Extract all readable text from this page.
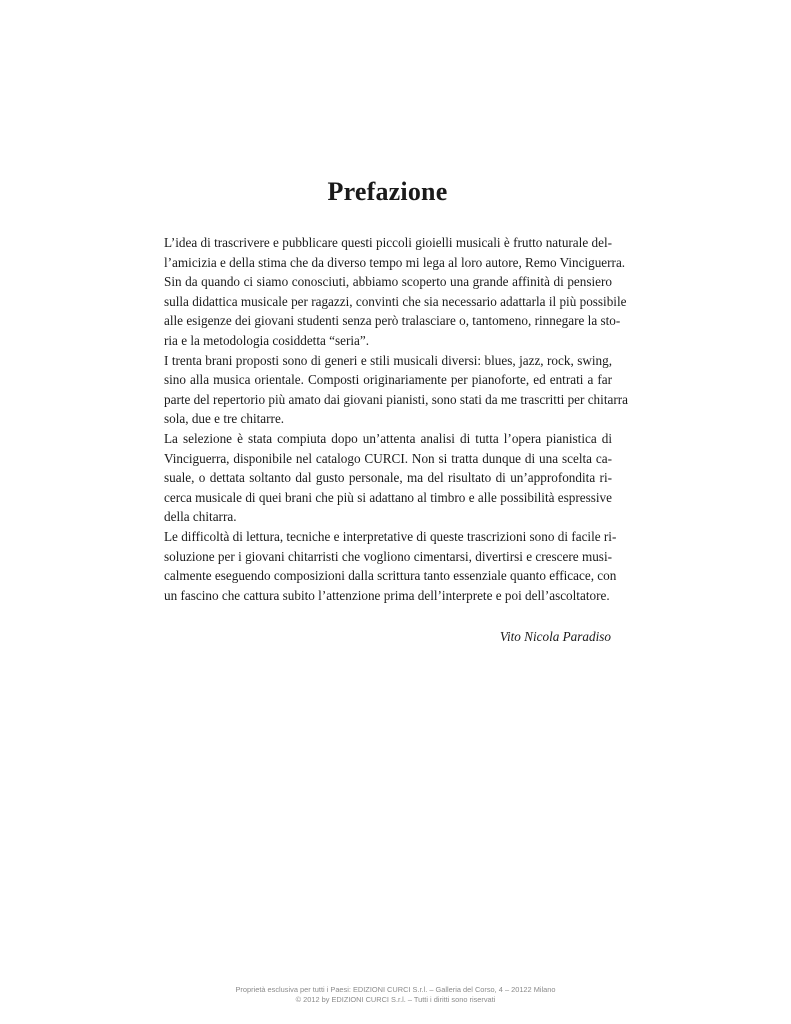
Prefazione
L’idea di trascrivere e pubblicare questi piccoli gioielli musicali è frutto naturale del-
l’amicizia e della stima che da diverso tempo mi lega al loro autore, Remo Vinciguerra.
Sin da quando ci siamo conosciuti, abbiamo scoperto una grande affinità di pensiero
sulla didattica musicale per ragazzi, convinti che sia necessario adattarla il più possibile
alle esigenze dei giovani studenti senza però tralasciare o, tantomeno, rinnegare la sto-
ria e la metodologia cosiddetta “seria”.
I trenta brani proposti sono di generi e stili musicali diversi: blues, jazz, rock, swing,
sino alla musica orientale. Composti originariamente per pianoforte, ed entrati a far
parte del repertorio più amato dai giovani pianisti, sono stati da me trascritti per chitarra
sola, due e tre chitarre.
La selezione è stata compiuta dopo un’attenta analisi di tutta l’opera pianistica di
Vinciguerra, disponibile nel catalogo CURCI. Non si tratta dunque di una scelta ca-
suale, o dettata soltanto dal gusto personale, ma del risultato di un’approfondita ri-
cerca musicale di quei brani che più si adattano al timbro e alle possibilità espressive
della chitarra.
Le difficoltà di lettura, tecniche e interpretative di queste trascrizioni sono di facile ri-
soluzione per i giovani chitarristi che vogliono cimentarsi, divertirsi e crescere musi-
calmente eseguendo composizioni dalla scrittura tanto essenziale quanto efficace, con
un fascino che cattura subito l’attenzione prima dell’interprete e poi dell’ascoltatore.
Vito Nicola Paradiso
Proprietà esclusiva per tutti i Paesi: EDIZIONI CURCI S.r.l. – Galleria del Corso, 4 – 20122 Milano
© 2012 by EDIZIONI CURCI S.r.l. – Tutti i diritti sono riservati
